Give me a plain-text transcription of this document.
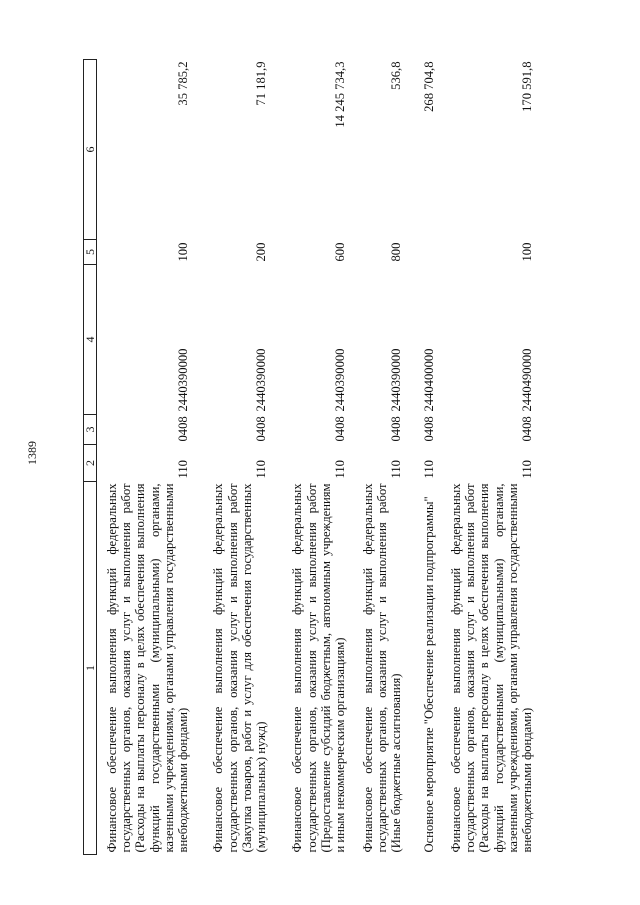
1389
1	2	3	4	5	6
Финансовое обеспечение выполнения функций федеральных государственных органов, оказания услуг и выполнения работ (Расходы на выплаты персоналу в целях обеспечения выполнения функций государственными (муниципальными) органами, казенными учреждениями, органами управления государственными внебюджетными фондами)	110	0408	2440390000	100	35 785,2
Финансовое обеспечение выполнения функций федеральных государственных органов, оказания услуг и выполнения работ (Закупка товаров, работ и услуг для обеспечения государственных (муниципальных) нужд)	110	0408	2440390000	200	71 181,9
Финансовое обеспечение выполнения функций федеральных государственных органов, оказания услуг и выполнения работ (Предоставление субсидий бюджетным, автономным учреждениям и иным некоммерческим организациям)	110	0408	2440390000	600	14 245 734,3
Финансовое обеспечение выполнения функций федеральных государственных органов, оказания услуг и выполнения работ (Иные бюджетные ассигнования)	110	0408	2440390000	800	536,8
Основное мероприятие "Обеспечение реализации подпрограммы"	110	0408	2440400000		268 704,8
Финансовое обеспечение выполнения функций федеральных государственных органов, оказания услуг и выполнения работ (Расходы на выплаты персоналу в целях обеспечения выполнения функций государственными (муниципальными) органами, казенными учреждениями, органами управления государственными внебюджетными фондами)	110	0408	2440490000	100	170 591,8
